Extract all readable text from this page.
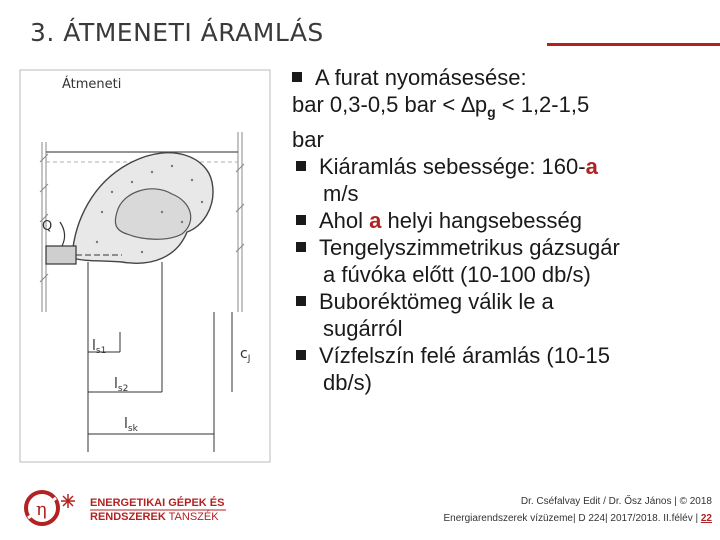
3. ÁTMENETI ÁRAMLÁS
Q
Átmeneti
$l_{s1}$
$l_{s2}$
$l_{sk}$
$c_J$
A furat nyomásesése:
bar 0,3-0,5 bar < $\Delta p_g < 1,2-1,5$
bar
Kiáramlás sebessége: 160-a
m/s
Ahol a helyi hangsebesség
Tengelyszimmetrikus gázsugár
a fúvóka előtt (10-100 db/s)
Buboréktömeg válik le a
sugárról
Vízfelszín felé áramlás (10-15
db/s)
η	ENERGETIKAI GÉPEK ÉS
RENDSZEREK TANSZÉK
Dr. Cséfalvay Edit / Dr. Ősz János | © 2018
Energiarendszerek vízüzeme| D 224| 2017/2018. II.félév | 22
